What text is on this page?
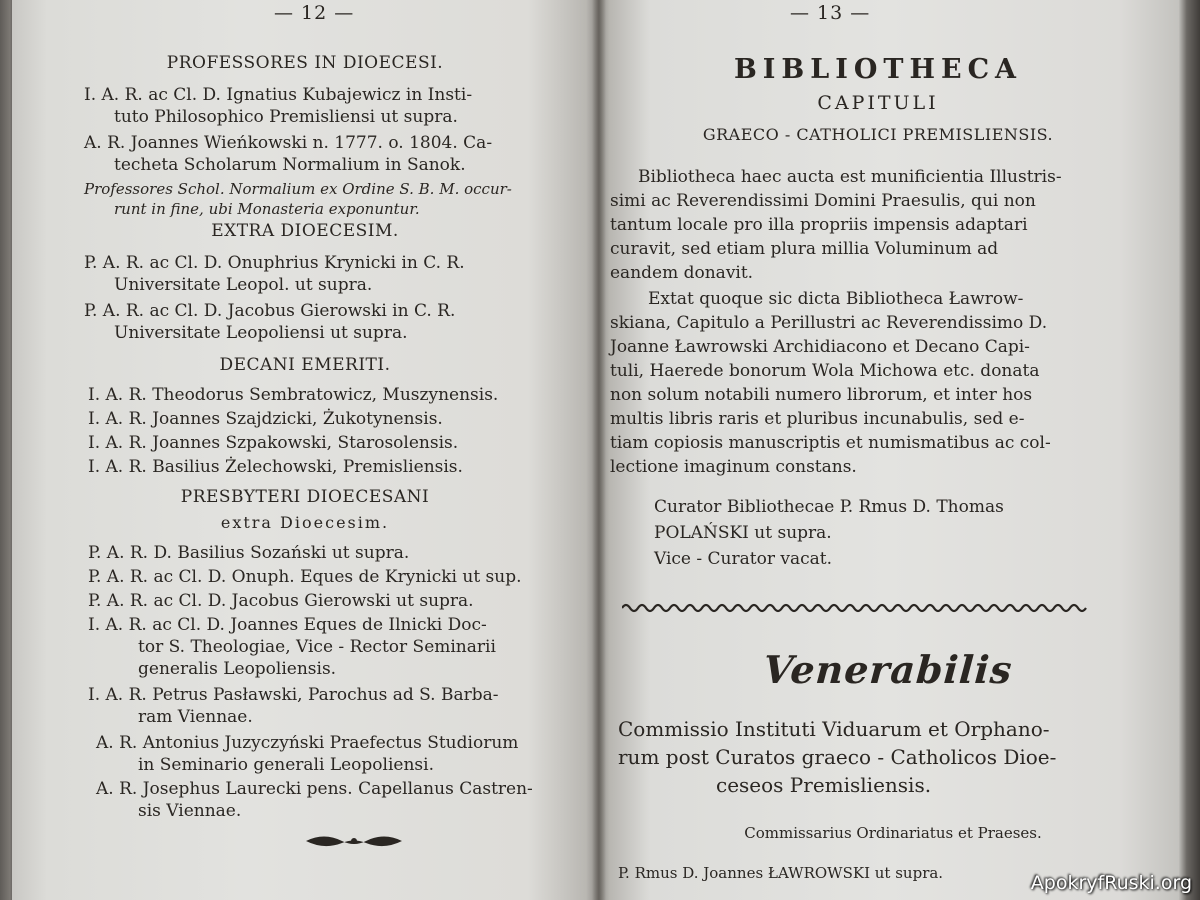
— 12 —
PROFESSORES IN DIOECESI.
I. A. R. ac Cl. D. Ignatius Kubajewicz in Insti-
tuto Philosophico Premisliensi ut supra.
A. R. Joannes Wieńkowski n. 1777. o. 1804. Ca-
techeta Scholarum Normalium in Sanok.
Professores Schol. Normalium ex Ordine S. B. M. occur-
runt in fine, ubi Monasteria exponuntur.
EXTRA DIOECESIM.
P. A. R. ac Cl. D. Onuphrius Krynicki in C. R.
Universitate Leopol. ut supra.
P. A. R. ac Cl. D. Jacobus Gierowski in C. R.
Universitate Leopoliensi ut supra.
DECANI EMERITI.
I. A. R. Theodorus Sembratowicz, Muszynensis.
I. A. R. Joannes Szajdzicki, Żukotynensis.
I. A. R. Joannes Szpakowski, Starosolensis.
I. A. R. Basilius Żelechowski, Premisliensis.
PRESBYTERI DIOECESANI
extra Dioecesim.
P. A. R. D. Basilius Sozański ut supra.
P. A. R. ac Cl. D. Onuph. Eques de Krynicki ut sup.
P. A. R. ac Cl. D. Jacobus Gierowski ut supra.
I. A. R. ac Cl. D. Joannes Eques de Ilnicki Doc-
tor S. Theologiae, Vice - Rector Seminarii
generalis Leopoliensis.
I. A. R. Petrus Pasławski, Parochus ad S. Barba-
ram Viennae.
A. R. Antonius Juzyczyński Praefectus Studiorum
in Seminario generali Leopoliensi.
A. R. Josephus Laurecki pens. Capellanus Castren-
sis Viennae.
— 13 —
BIBLIOTHECA
CAPITULI
GRAECO - CATHOLICI PREMISLIENSIS.
Bibliotheca haec aucta est munificientia Illustris-
simi ac Reverendissimi Domini Praesulis, qui non
tantum locale pro illa propriis impensis adaptari
curavit, sed etiam plura millia Voluminum ad
eandem donavit.
Extat quoque sic dicta Bibliotheca Ławrow-
skiana, Capitulo a Perillustri ac Reverendissimo D.
Joanne Ławrowski Archidiacono et Decano Capi-
tuli, Haerede bonorum Wola Michowa etc. donata
non solum notabili numero librorum, et inter hos
multis libris raris et pluribus incunabulis, sed e-
tiam copiosis manuscriptis et numismatibus ac col-
lectione imaginum constans.
Curator Bibliothecae P. Rmus D. Thomas
POLAŃSKI ut supra.
Vice - Curator vacat.
Venerabilis
Commissio Instituti Viduarum et Orphano-
rum post Curatos graeco - Catholicos Dioe-
ceseos Premisliensis.
Commissarius Ordinariatus et Praeses.
P. Rmus D. Joannes ŁAWROWSKI ut supra.	ApokryfRuski.org
